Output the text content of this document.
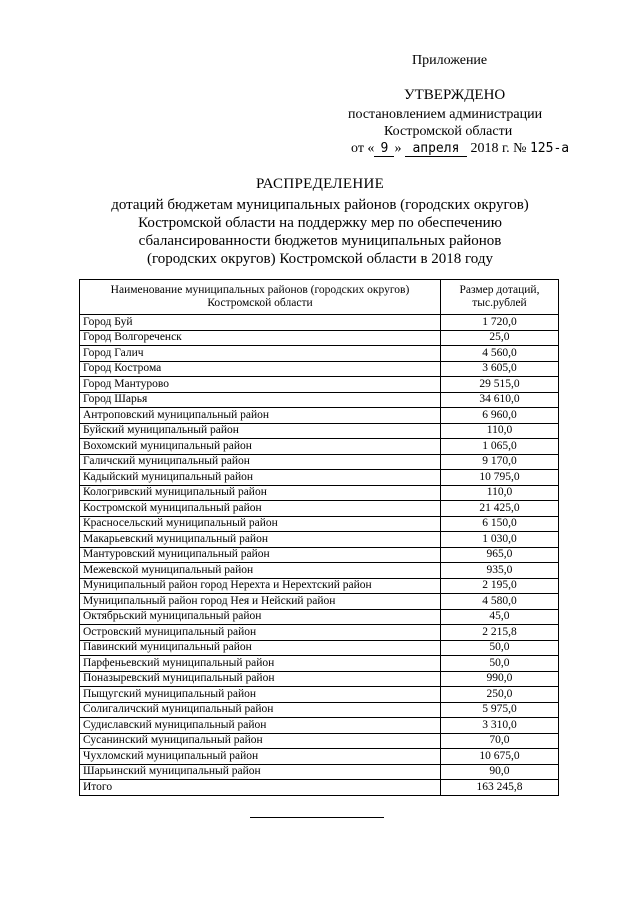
Приложение
УТВЕРЖДЕНО
постановлением администрации
Костромской области
от « 9 » апреля 2018 г. № 125-а
РАСПРЕДЕЛЕНИЕ
дотаций бюджетам муниципальных районов (городских округов)
Костромской области на поддержку мер по обеспечению
сбалансированности бюджетов муниципальных районов
(городских округов) Костромской области в 2018 году
Наименование муниципальных районов (городских округов) Костромской области	Размер дотаций, тыс.рублей
Город Буй	1 720,0
Город Волгореченск	25,0
Город Галич	4 560,0
Город Кострома	3 605,0
Город Мантурово	29 515,0
Город Шарья	34 610,0
Антроповский муниципальный район	6 960,0
Буйский муниципальный район	110,0
Вохомский муниципальный район	1 065,0
Галичский муниципальный район	9 170,0
Кадыйский муниципальный район	10 795,0
Кологривский муниципальный район	110,0
Костромской муниципальный район	21 425,0
Красносельский муниципальный район	6 150,0
Макарьевский муниципальный район	1 030,0
Мантуровский муниципальный район	965,0
Межевской муниципальный район	935,0
Муниципальный район город Нерехта и Нерехтский район	2 195,0
Муниципальный район город Нея и Нейский район	4 580,0
Октябрьский муниципальный район	45,0
Островский муниципальный район	2 215,8
Павинский муниципальный район	50,0
Парфеньевский муниципальный район	50,0
Поназыревский муниципальный район	990,0
Пыщугский муниципальный район	250,0
Солигаличский муниципальный район	5 975,0
Судиславский муниципальный район	3 310,0
Сусанинский муниципальный район	70,0
Чухломский муниципальный район	10 675,0
Шарьинский муниципальный район	90,0
Итого	163 245,8
